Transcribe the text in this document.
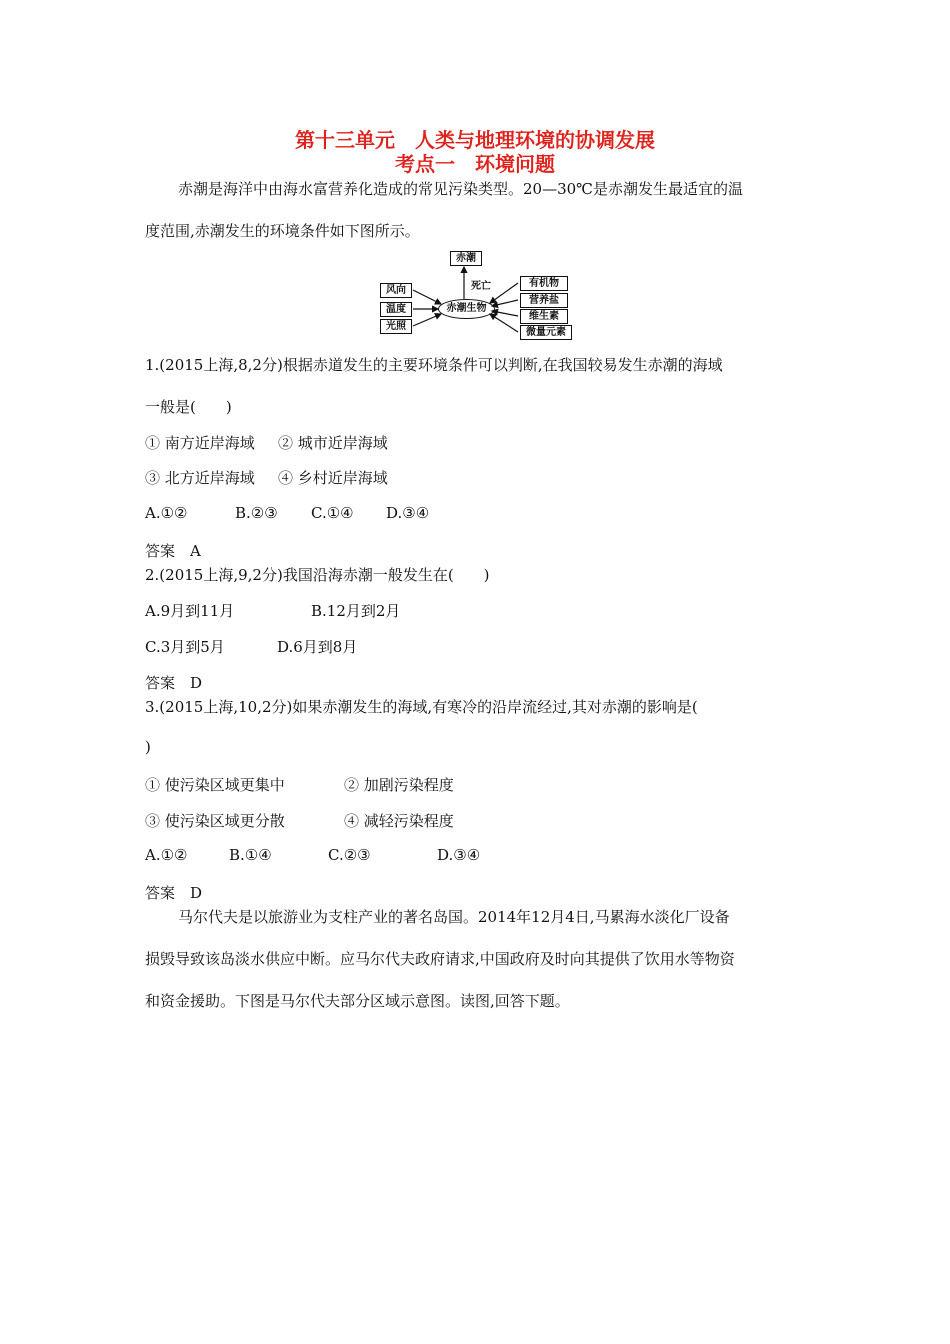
第十三单元　人类与地理环境的协调发展
考点一　环境问题
赤潮是海洋中由海水富营养化造成的常见污染类型。20—30℃是赤潮发生最适宜的温
度范围,赤潮发生的环境条件如下图所示。
赤潮
死亡
赤潮生物
风向
温度
光照
有机物
营养盐
维生素
微量元素
1.(2015上海,8,2分)根据赤道发生的主要环境条件可以判断,在我国较易发生赤潮的海域
一般是(　　)
① 南方近岸海域 ② 城市近岸海域
③ 北方近岸海域 ④ 乡村近岸海域
A.①②	B.②③ C.①④ D.③④
答案　A
2.(2015上海,9,2分)我国沿海赤潮一般发生在(　　)
A.9月到11月	B.12月到2月
C.3月到5月	D.6月到8月
答案　D
3.(2015上海,10,2分)如果赤潮发生的海域,有寒冷的沿岸流经过,其对赤潮的影响是(
)
① 使污染区域更集中	② 加剧污染程度
③ 使污染区域更分散	④ 减轻污染程度
A.①②	B.①④	C.②③	D.③④
答案　D
马尔代夫是以旅游业为支柱产业的著名岛国。2014年12月4日,马累海水淡化厂设备
损毁导致该岛淡水供应中断。应马尔代夫政府请求,中国政府及时向其提供了饮用水等物资
和资金援助。下图是马尔代夫部分区域示意图。读图,回答下题。
